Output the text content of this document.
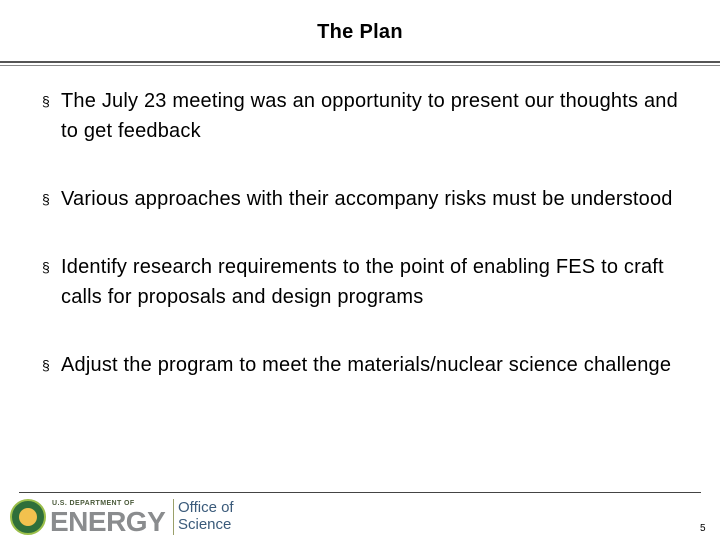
The Plan
§ The July 23 meeting was an opportunity to present our thoughts and to get feedback
§ Various approaches with their accompany risks must be understood
§ Identify research requirements to the point of enabling FES to craft calls for proposals and design programs
§ Adjust the program to meet the materials/nuclear science challenge
U.S. DEPARTMENT OF
ENERGY Office of
Science	5
